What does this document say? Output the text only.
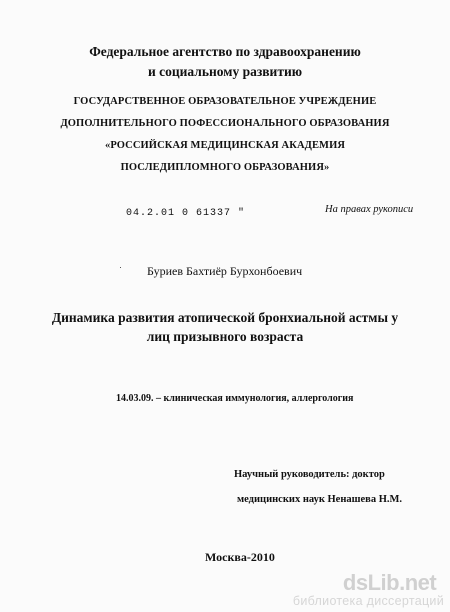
Федеральное агентство по здравоохранению
и социальному развитию
ГОСУДАРСТВЕННОЕ ОБРАЗОВАТЕЛЬНОЕ УЧРЕЖДЕНИЕ
ДОПОЛНИТЕЛЬНОГО ПОФЕССИОНАЛЬНОГО ОБРАЗОВАНИЯ
«РОССИЙСКАЯ МЕДИЦИНСКАЯ АКАДЕМИЯ
ПОСЛЕДИПЛОМНОГО ОБРАЗОВАНИЯ»
04.2.01 0 61337 "	На правах рукописи
Буриев Бахтиёр Бурхонбоевич
Динамика развития атопической бронхиальной астмы у
лиц призывного возраста
14.03.09. – клиническая иммунология, аллергология
Научный руководитель: доктор
медицинских наук Ненашева Н.М.
Москва-2010
dsLib.net
библиотека диссертаций
